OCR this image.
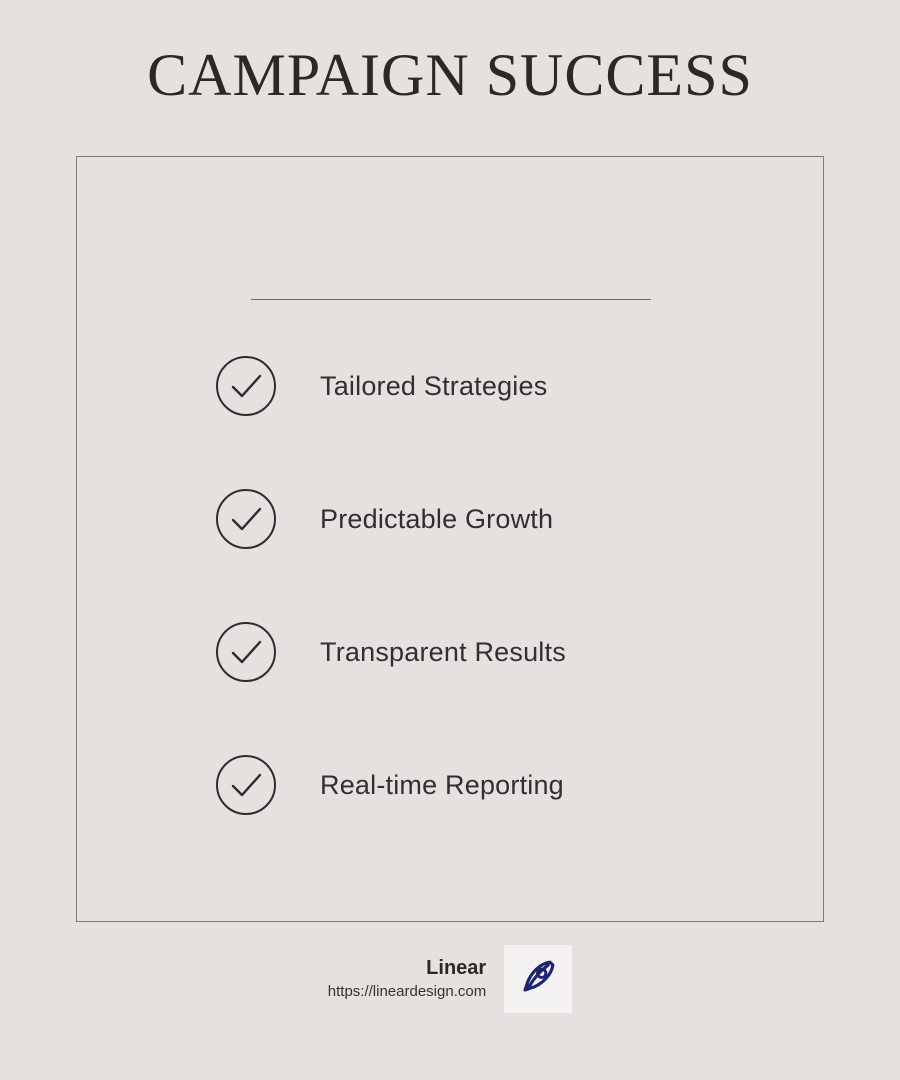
CAMPAIGN SUCCESS
Tailored Strategies
Predictable Growth
Transparent Results
Real-time Reporting
Linear
https://lineardesign.com
